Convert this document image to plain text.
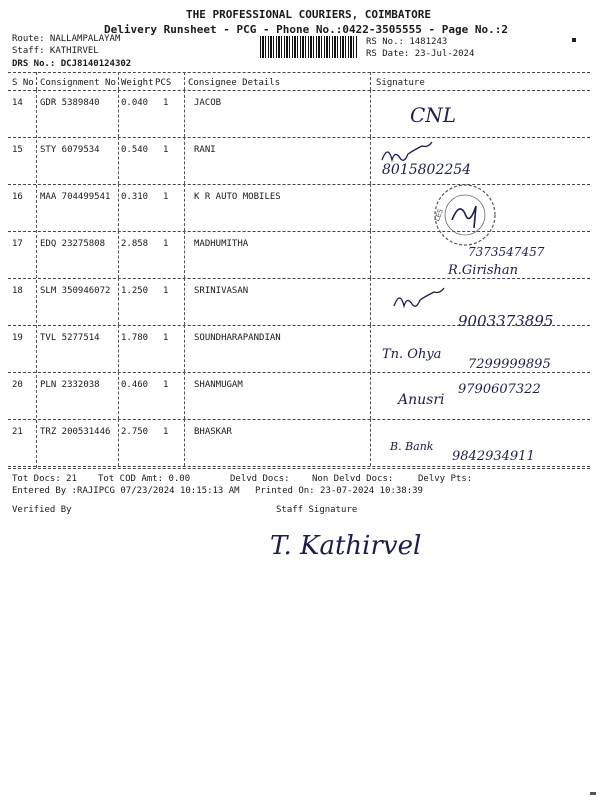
THE PROFESSIONAL COURIERS, COIMBATORE
Delivery Runsheet - PCG - Phone No.:0422-3505555 - Page No.:2
Route: NALLAMPALAYAM
Staff: KATHIRVEL
DRS No.: DCJ8140124302
RS No.: 1481243
RS Date: 23-Jul-2024
S No Consignment No Weight PCS Consignee Details	Signature
14 GDR 5389840 0.040 1	JACOB	CNL
15 STY 6079534 0.540 1	RANI
8015802254
16 MAA 704499541 0.310 1	K R AUTO MOBILES
17 EDQ 23275808 2.858 1	MADHUMITHA
R.Girishan
7373547457
18 SLM 350946072 1.250 1	SRINIVASAN
9003373895
19 TVL 5277514 1.780 1	SOUNDHARAPANDIAN
Tn. Ohya
7299999895
20 PLN 2332038 0.460 1	SHANMUGAM
Anusri
9790607322
21 TRZ 200531446 2.750 1	BHASKAR
B. Bank
9842934911
LES
Tot Docs: 21 Tot COD Amt: 0.00	Delvd Docs: Non Delvd Docs:	Delvy Pts:
Entered By :RAJIPCG 07/23/2024 10:15:13 AM Printed On: 23-07-2024 10:38:39
Verified By	Staff Signature
T. Kathirvel
